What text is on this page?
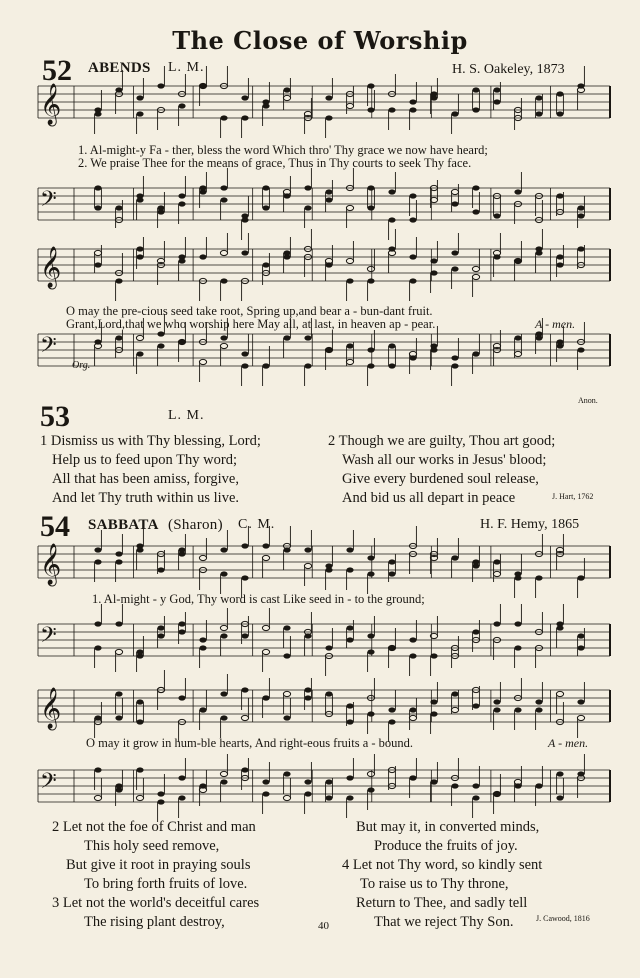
The Close of Worship
52 ABENDS L. M.	H. S. Oakeley, 1873
𝄞
𝄢
𝄞
𝄢
𝄞
𝄢
𝄞
𝄢
1. Al-might-y Fa - ther, bless the word Which thro' Thy grace we now have heard;
2. We praise Thee for the means of grace, Thus in Thy courts to seek Thy face.
O may the pre-cious seed take root, Spring up,and bear a - bun-dant fruit.
Grant,Lord,that we who worship here May all, at last, in heaven ap - pear.	A - men.
Org.
Anon.
53	L. M.
1 Dismiss us with Thy blessing, Lord;
Help us to feed upon Thy word;
All that has been amiss, forgive,
And let Thy truth within us live.
2 Though we are guilty, Thou art good;
Wash all our works in Jesus' blood;
Give every burdened soul release,
And bid us all depart in peace	J. Hart, 1762
54 SABBATA (Sharon) C. M.	H. F. Hemy, 1865
1. Al-might - y God, Thy word is cast Like seed in - to the ground;
O may it grow in hum-ble hearts, And right-eous fruits a - bound.	A - men.
2 Let not the foe of Christ and man
This holy seed remove,
But give it root in praying souls
To bring forth fruits of love.
3 Let not the world's deceitful cares
The rising plant destroy,
But may it, in converted minds,
Produce the fruits of joy.
4 Let not Thy word, so kindly sent
To raise us to Thy throne,
Return to Thee, and sadly tell
That we reject Thy Son.	J. Cawood, 1816
40
